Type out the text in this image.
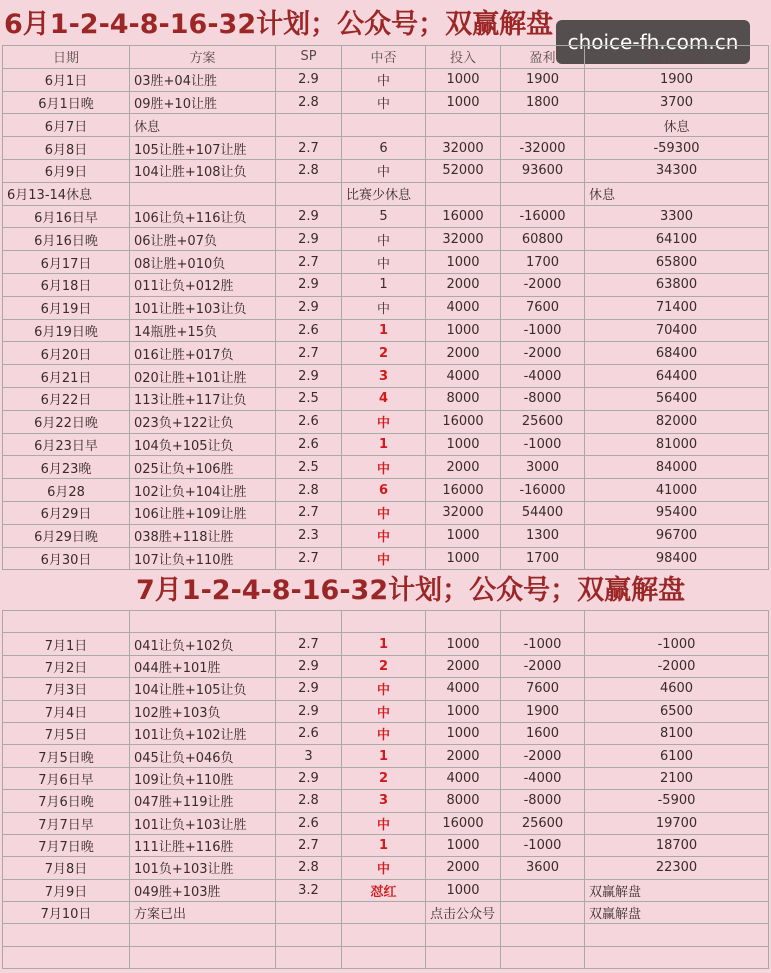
6月1-2-4-8-16-32计划；公众号；双赢解盘
choice-fh.com.cn
日期	方案	SP	中否	投入	盈利	累计收益
6月1日	03胜+04让胜	2.9	中	1000	1900	1900
6月1日晚	09胜+10让胜	2.8	中	1000	1800	3700
6月7日	休息					休息
6月8日	105让胜+107让胜	2.7	6	32000	-32000	-59300
6月9日	104让胜+108让负	2.8	中	52000	93600	34300
6月13-14休息			比赛少休息			休息
6月16日早	106让负+116让负	2.9	5	16000	-16000	3300
6月16日晚	06让胜+07负	2.9	中	32000	60800	64100
6月17日	08让胜+010负	2.7	中	1000	1700	65800
6月18日	011让负+012胜	2.9	1	2000	-2000	63800
6月19日	101让胜+103让负	2.9	中	4000	7600	71400
6月19日晚	14瓶胜+15负	2.6	1	1000	-1000	70400
6月20日	016让胜+017负	2.7	2	2000	-2000	68400
6月21日	020让胜+101让胜	2.9	3	4000	-4000	64400
6月22日	113让胜+117让负	2.5	4	8000	-8000	56400
6月22日晚	023负+122让负	2.6	中	16000	25600	82000
6月23日早	104负+105让负	2.6	1	1000	-1000	81000
6月23晚	025让负+106胜	2.5	中	2000	3000	84000
6月28	102让负+104让胜	2.8	6	16000	-16000	41000
6月29日	106让胜+109让胜	2.7	中	32000	54400	95400
6月29日晚	038胜+118让胜	2.3	中	1000	1300	96700
6月30日	107让负+110胜	2.7	中	1000	1700	98400
7月1-2-4-8-16-32计划；公众号；双赢解盘

7月1日	041让负+102负	2.7	1	1000	-1000	-1000
7月2日	044胜+101胜	2.9	2	2000	-2000	-2000
7月3日	104让胜+105让负	2.9	中	4000	7600	4600
7月4日	102胜+103负	2.9	中	1000	1900	6500
7月5日	101让负+102让胜	2.6	中	1000	1600	8100
7月5日晚	045让负+046负	3	1	2000	-2000	6100
7月6日早	109让负+110胜	2.9	2	4000	-4000	2100
7月6日晚	047胜+119让胜	2.8	3	8000	-8000	-5900
7月7日早	101让负+103让胜	2.6	中	16000	25600	19700
7月7日晚	111让胜+116胜	2.7	1	1000	-1000	18700
7月8日	101负+103让胜	2.8	中	2000	3600	22300
7月9日	049胜+103胜	3.2	怼红	1000		双赢解盘
7月10日	方案已出			点击公众号		双赢解盘
